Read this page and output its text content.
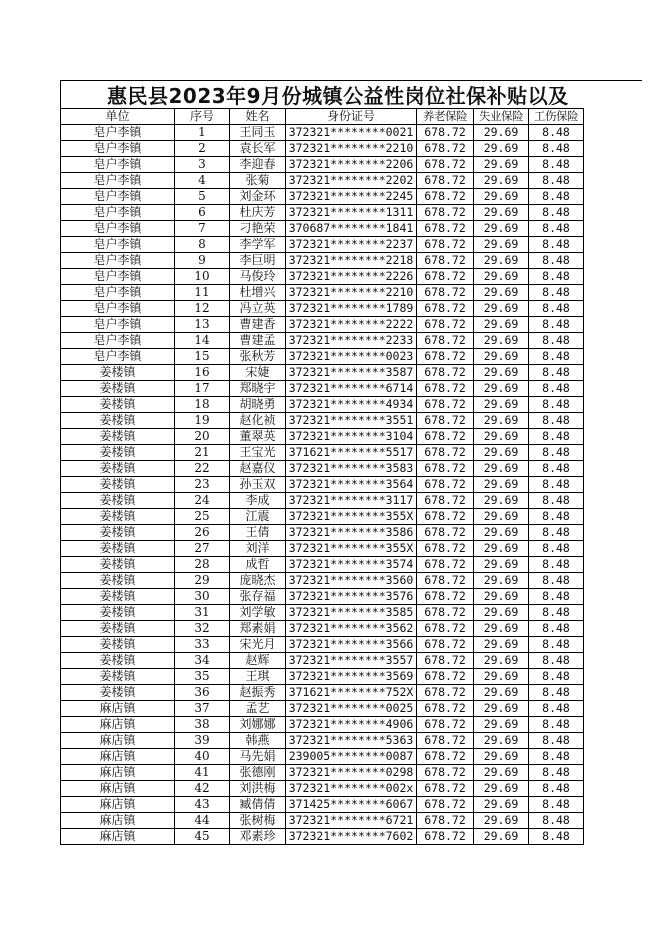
惠民县2023年9月份城镇公益性岗位社保补贴以及
单位	序号	姓名	身份证号	养老保险	失业保险	工伤保险
皂户李镇	1	王同玉	372321********0021	678.72	29.69	8.48
皂户李镇	2	袁长军	372321********2210	678.72	29.69	8.48
皂户李镇	3	李迎春	372321********2206	678.72	29.69	8.48
皂户李镇	4	张菊	372321********2202	678.72	29.69	8.48
皂户李镇	5	刘金环	372321********2245	678.72	29.69	8.48
皂户李镇	6	杜庆芳	372321********1311	678.72	29.69	8.48
皂户李镇	7	刁艳荣	370687********1841	678.72	29.69	8.48
皂户李镇	8	李学军	372321********2237	678.72	29.69	8.48
皂户李镇	9	李巨明	372321********2218	678.72	29.69	8.48
皂户李镇	10	马俊玲	372321********2226	678.72	29.69	8.48
皂户李镇	11	杜增兴	372321********2210	678.72	29.69	8.48
皂户李镇	12	冯立英	372321********1789	678.72	29.69	8.48
皂户李镇	13	曹建香	372321********2222	678.72	29.69	8.48
皂户李镇	14	曹建孟	372321********2233	678.72	29.69	8.48
皂户李镇	15	张秋芳	372321********0023	678.72	29.69	8.48
姜楼镇	16	宋婕	372321********3587	678.72	29.69	8.48
姜楼镇	17	郑晓宇	372321********6714	678.72	29.69	8.48
姜楼镇	18	胡晓勇	372321********4934	678.72	29.69	8.48
姜楼镇	19	赵化祯	372321********3551	678.72	29.69	8.48
姜楼镇	20	董翠英	372321********3104	678.72	29.69	8.48
姜楼镇	21	王宝光	371621********5517	678.72	29.69	8.48
姜楼镇	22	赵嘉仪	372321********3583	678.72	29.69	8.48
姜楼镇	23	孙玉双	372321********3564	678.72	29.69	8.48
姜楼镇	24	李成	372321********3117	678.72	29.69	8.48
姜楼镇	25	江震	372321********355X	678.72	29.69	8.48
姜楼镇	26	王倩	372321********3586	678.72	29.69	8.48
姜楼镇	27	刘洋	372321********355X	678.72	29.69	8.48
姜楼镇	28	成哲	372321********3574	678.72	29.69	8.48
姜楼镇	29	庞晓杰	372321********3560	678.72	29.69	8.48
姜楼镇	30	张存福	372321********3576	678.72	29.69	8.48
姜楼镇	31	刘学敏	372321********3585	678.72	29.69	8.48
姜楼镇	32	郑素娟	372321********3562	678.72	29.69	8.48
姜楼镇	33	宋光月	372321********3566	678.72	29.69	8.48
姜楼镇	34	赵辉	372321********3557	678.72	29.69	8.48
姜楼镇	35	王琪	372321********3569	678.72	29.69	8.48
姜楼镇	36	赵振秀	371621********752X	678.72	29.69	8.48
麻店镇	37	孟艺	372321********0025	678.72	29.69	8.48
麻店镇	38	刘娜娜	372321********4906	678.72	29.69	8.48
麻店镇	39	韩燕	372321********5363	678.72	29.69	8.48
麻店镇	40	马先娟	239005********0087	678.72	29.69	8.48
麻店镇	41	张德刚	372321********0298	678.72	29.69	8.48
麻店镇	42	刘洪梅	372321********002x	678.72	29.69	8.48
麻店镇	43	臧倩倩	371425********6067	678.72	29.69	8.48
麻店镇	44	张树梅	372321********6721	678.72	29.69	8.48
麻店镇	45	邓素珍	372321********7602	678.72	29.69	8.48
